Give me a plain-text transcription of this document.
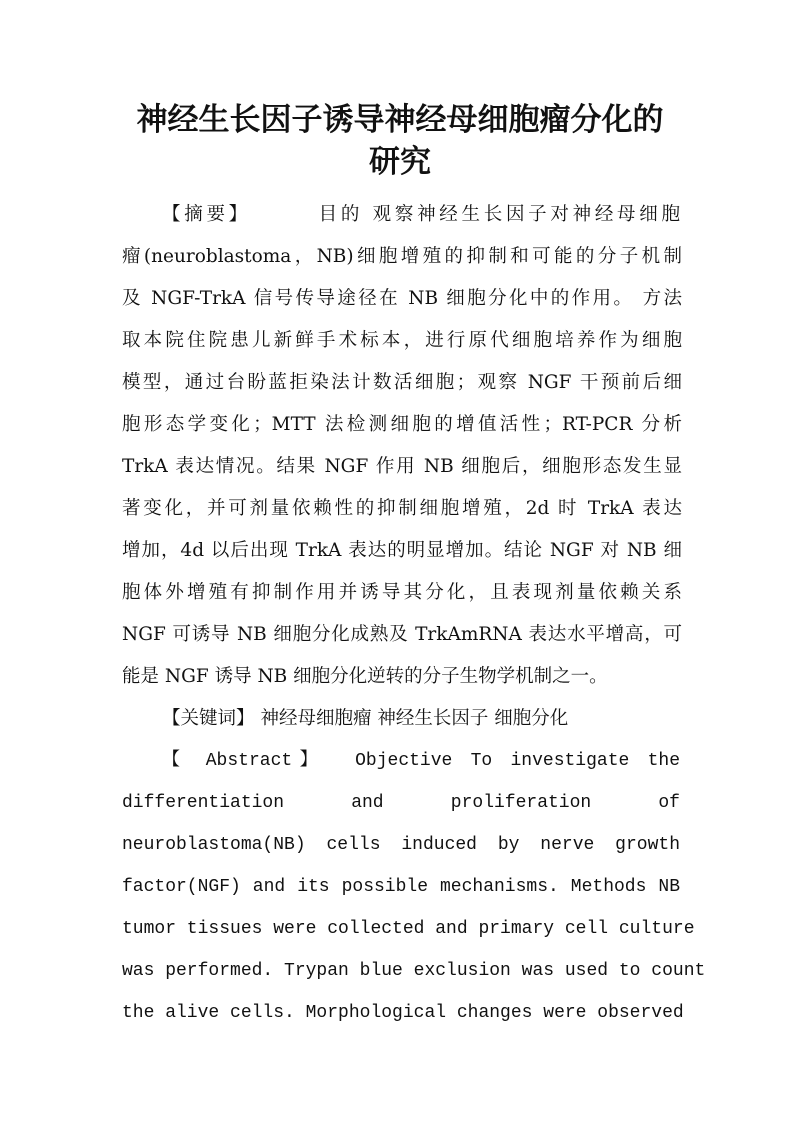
神经生长因子诱导神经母细胞瘤分化的
研究
【摘要】	目的 观察神经生长因子对神经母细胞
瘤(neuroblastoma，NB)细胞增殖的抑制和可能的分子机制
及 NGF-TrkA 信号传导途径在 NB 细胞分化中的作用。 方法
取本院住院患儿新鲜手术标本，进行原代细胞培养作为细胞
模型，通过台盼蓝拒染法计数活细胞；观察 NGF 干预前后细
胞形态学变化；MTT 法检测细胞的增值活性；RT-PCR 分析
TrkA 表达情况。结果 NGF 作用 NB 细胞后，细胞形态发生显
著变化，并可剂量依赖性的抑制细胞增殖，2d 时 TrkA 表达
增加，4d 以后出现 TrkA 表达的明显增加。结论 NGF 对 NB 细
胞体外增殖有抑制作用并诱导其分化，且表现剂量依赖关系
NGF 可诱导 NB 细胞分化成熟及 TrkAmRNA 表达水平增高，可
能是 NGF 诱导 NB 细胞分化逆转的分子生物学机制之一。
【关键词】 神经母细胞瘤 神经生长因子 细胞分化
【 Abstract】 Objective To investigate the
differentiation and proliferation of
neuroblastoma(NB) cells induced by nerve growth
factor(NGF) and its possible mechanisms. Methods NB
tumor tissues were collected and primary cell culture
was performed. Trypan blue exclusion was used to count
the alive cells. Morphological changes were observed
